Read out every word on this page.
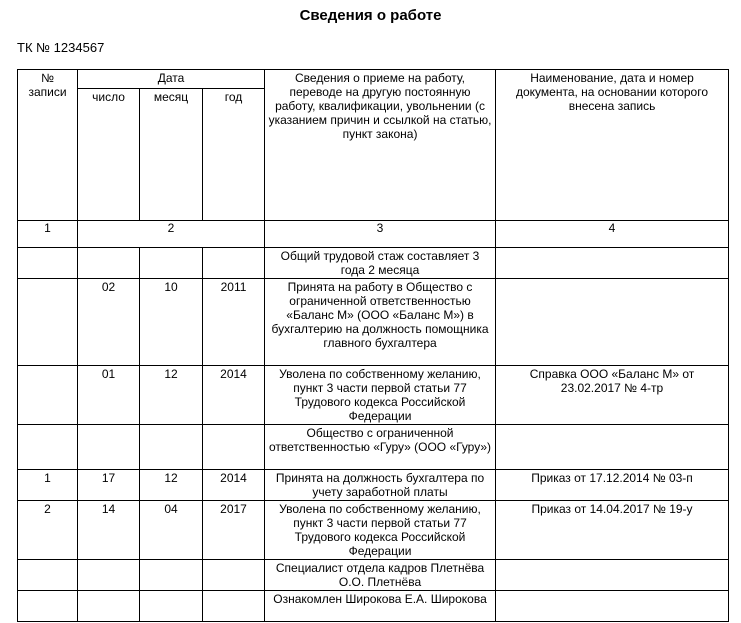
Сведения о работе
ТК № 1234567
№ записи	Дата			Сведения о приеме на работу, переводе на другую постоянную работу, квалификации, увольнении (с указанием причин и ссылкой на статью, пункт закона)	Наименование, дата и номер документа, на основании которого внесена запись
	число	месяц	год		
1	2			3	4
				Общий трудовой стаж составляет 3 года 2 месяца	
	02	10	2011	Принята на работу в Общество с ограниченной ответственностью «Баланс М» (ООО «Баланс М») в бухгалтерию на должность помощника главного бухгалтера	
	01	12	2014	Уволена по собственному желанию, пункт 3 части первой статьи 77 Трудового кодекса Российской Федерации	Справка ООО «Баланс М» от 23.02.2017 № 4-тр
				Общество с ограниченной ответственностью «Гуру» (ООО «Гуру»)	
1	17	12	2014	Принята на должность бухгалтера по учету заработной платы	Приказ от 17.12.2014 № 03-п
2	14	04	2017	Уволена по собственному желанию, пункт 3 части первой статьи 77 Трудового кодекса Российской Федерации	Приказ от 14.04.2017 № 19-у
				Специалист отдела кадров Плетнёва О.О. Плетнёва	
				Ознакомлен Широкова Е.А. Широкова	
